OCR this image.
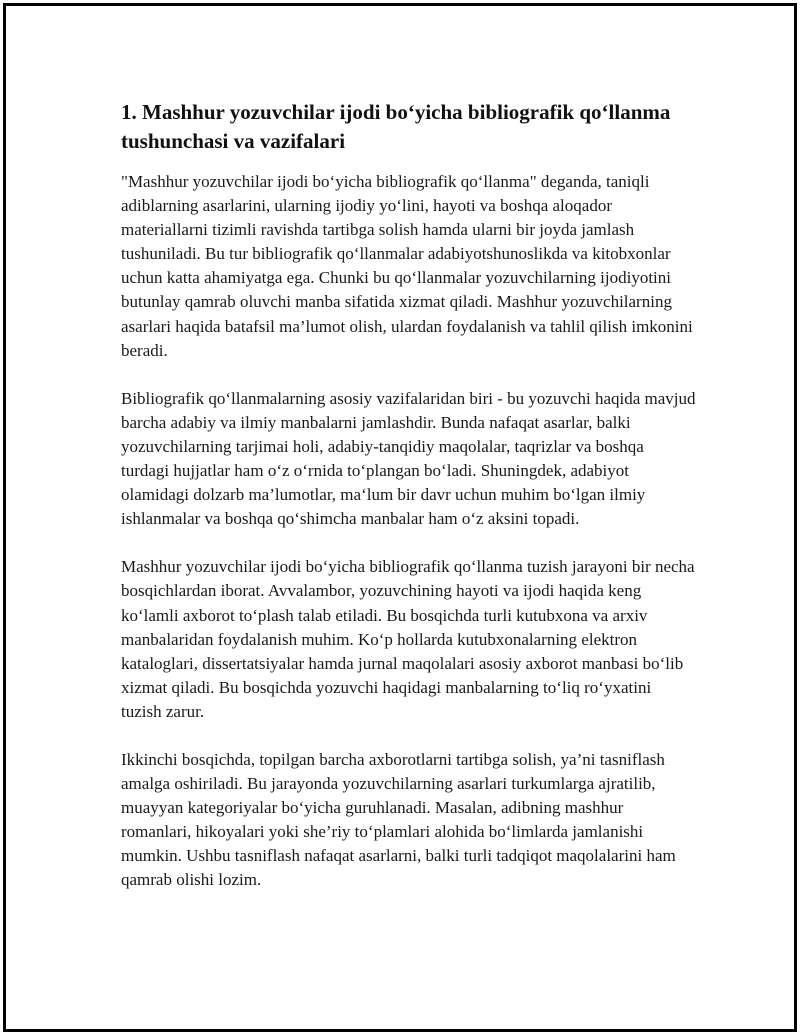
1. Mashhur yozuvchilar ijodi bo‘yicha bibliografik qo‘llanma tushunchasi va vazifalari

"Mashhur yozuvchilar ijodi bo‘yicha bibliografik qo‘llanma" deganda, taniqli adiblarning asarlarini, ularning ijodiy yo‘lini, hayoti va boshqa aloqador materiallarni tizimli ravishda tartibga solish hamda ularni bir joyda jamlash tushuniladi. Bu tur bibliografik qo‘llanmalar adabiyotshunoslikda va kitobxonlar uchun katta ahamiyatga ega. Chunki bu qo‘llanmalar yozuvchilarning ijodiyotini butunlay qamrab oluvchi manba sifatida xizmat qiladi. Mashhur yozuvchilarning asarlari haqida batafsil ma’lumot olish, ulardan foydalanish va tahlil qilish imkonini beradi.

Bibliografik qo‘llanmalarning asosiy vazifalaridan biri - bu yozuvchi haqida mavjud barcha adabiy va ilmiy manbalarni jamlashdir. Bunda nafaqat asarlar, balki yozuvchilarning tarjimai holi, adabiy-tanqidiy maqolalar, taqrizlar va boshqa turdagi hujjatlar ham o‘z o‘rnida to‘plangan bo‘ladi. Shuningdek, adabiyot olamidagi dolzarb ma’lumotlar, ma‘lum bir davr uchun muhim bo‘lgan ilmiy ishlanmalar va boshqa qo‘shimcha manbalar ham o‘z aksini topadi.

Mashhur yozuvchilar ijodi bo‘yicha bibliografik qo‘llanma tuzish jarayoni bir necha bosqichlardan iborat. Avvalambor, yozuvchining hayoti va ijodi haqida keng ko‘lamli axborot to‘plash talab etiladi. Bu bosqichda turli kutubxona va arxiv manbalaridan foydalanish muhim. Ko‘p hollarda kutubxonalarning elektron kataloglari, dissertatsiyalar hamda jurnal maqolalari asosiy axborot manbasi bo‘lib xizmat qiladi. Bu bosqichda yozuvchi haqidagi manbalarning to‘liq ro‘yxatini tuzish zarur.

Ikkinchi bosqichda, topilgan barcha axborotlarni tartibga solish, ya’ni tasniflash amalga oshiriladi. Bu jarayonda yozuvchilarning asarlari turkumlarga ajratilib, muayyan kategoriyalar bo‘yicha guruhlanadi. Masalan, adibning mashhur romanlari, hikoyalari yoki she’riy to‘plamlari alohida bo‘limlarda jamlanishi mumkin. Ushbu tasniflash nafaqat asarlarni, balki turli tadqiqot maqolalarini ham qamrab olishi lozim.
